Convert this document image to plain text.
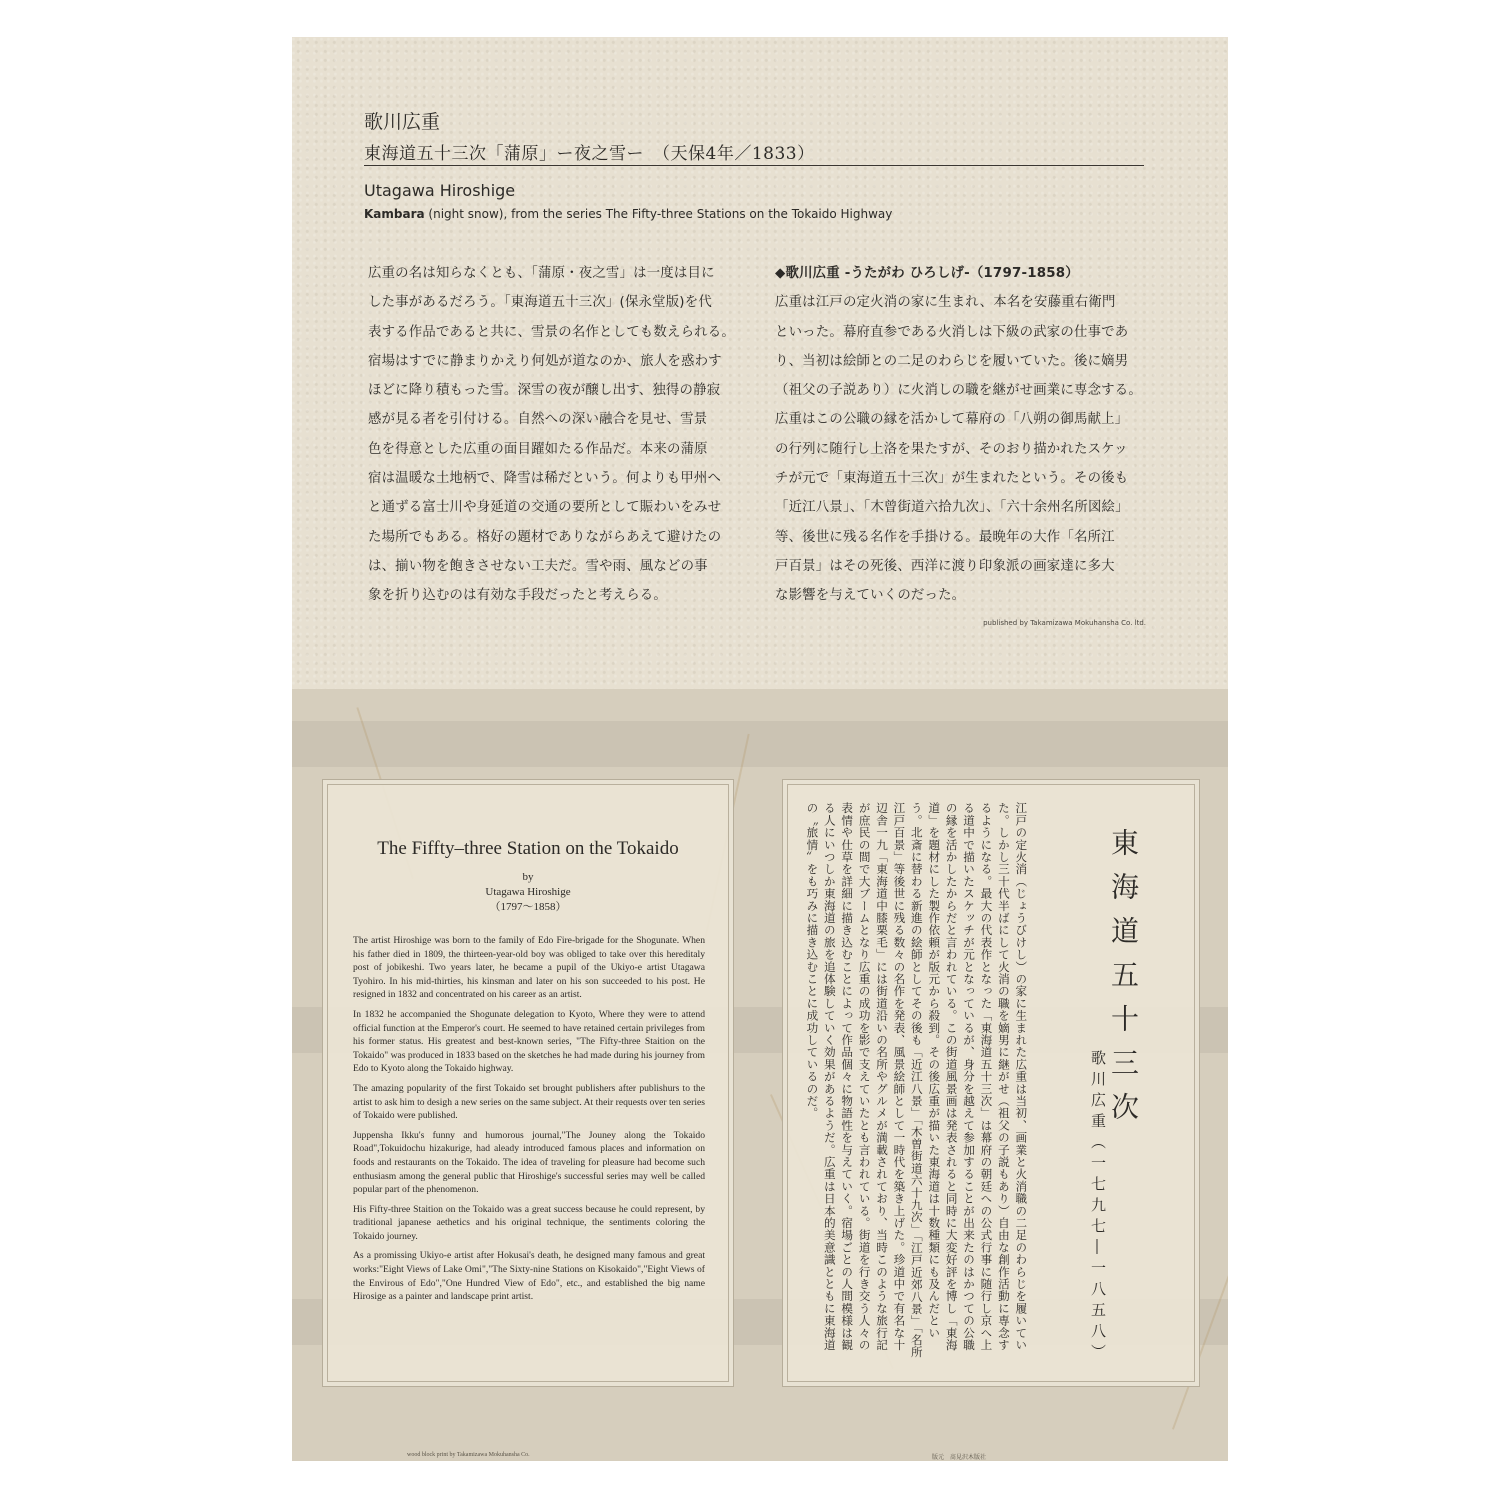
歌川広重
東海道五十三次「蒲原」ー夜之雪ー　（天保4年／1833）
Utagawa Hiroshige
Kambara (night snow), from the series The Fifty-three Stations on the Tokaido Highway
広重の名は知らなくとも、「蒲原・夜之雪」は一度は目に
した事があるだろう。「東海道五十三次」(保永堂版)を代
表する作品であると共に、雪景の名作としても数えられる。
宿場はすでに静まりかえり何処が道なのか、旅人を惑わす
ほどに降り積もった雪。深雪の夜が醸し出す、独得の静寂
感が見る者を引付ける。自然への深い融合を見せ、雪景
色を得意とした広重の面目躍如たる作品だ。本来の蒲原
宿は温暖な土地柄で、降雪は稀だという。何よりも甲州へ
と通ずる富士川や身延道の交通の要所として賑わいをみせ
た場所でもある。格好の題材でありながらあえて避けたの
は、揃い物を飽きさせない工夫だ。雪や雨、風などの事
象を折り込むのは有効な手段だったと考えらる。
◆歌川広重 -うたがわ ひろしげ-（1797-1858）
広重は江戸の定火消の家に生まれ、本名を安藤重右衛門
といった。幕府直参である火消しは下級の武家の仕事であ
り、当初は絵師との二足のわらじを履いていた。後に嫡男
（祖父の子説あり）に火消しの職を継がせ画業に専念する。
広重はこの公職の縁を活かして幕府の「八朔の御馬献上」
の行列に随行し上洛を果たすが、そのおり描かれたスケッ
チが元で「東海道五十三次」が生まれたという。その後も
「近江八景」、「木曾街道六拾九次」、「六十余州名所図絵」
等、後世に残る名作を手掛ける。最晩年の大作「名所江
戸百景」はその死後、西洋に渡り印象派の画家達に多大
な影響を与えていくのだった。
published by Takamizawa Mokuhansha Co. ltd.
The Fiffty–three Station on the Tokaido
by
Utagawa Hiroshige
（1797～1858）

The artist Hiroshige was born to the family of Edo Fire-brigade for the Shogunate. When his father died in 1809, the thirteen-year-old boy was obliged to take over this hereditaly post of jobikeshi. Two years later, he became a pupil of the Ukiyo-e artist Utagawa Tyohiro. In his mid-thirties, his kinsman and later on his son succeeded to his post. He resigned in 1832 and concentrated on his career as an artist.

In 1832 he accompanied the Shogunate delegation to Kyoto, Where they were to attend official function at the Emperor's court. He seemed to have retained certain privileges from his former status. His greatest and best-known series, "The Fifty-three Staition on the Tokaido" was produced in 1833 based on the sketches he had made during his journey from Edo to Kyoto along the Tokaido highway.

The amazing popularity of the first Tokaido set brought publishers after publishurs to the artist to ask him to desigh a new series on the same subject. At their requests over ten series of Tokaido were published.

Juppensha Ikku's funny and humorous journal,"The Jouney along the Tokaido Road",Tokuidochu hizakurige, had aleady introduced famous places and information on foods and restaurants on the Tokaido. The idea of traveling for pleasure had become such enthusiasm among the general public that Hiroshige's successful series may well be called popular part of the phenomenon.

His Fifty-three Staition on the Tokaido was a great success because he could represent, by traditional japanese aethetics and his original technique, the sentiments coloring the Tokaido journey.

As a promissing Ukiyo-e artist after Hokusai's death, he designed many famous and great works:"Eight Views of Lake Omi","The Sixty-nine Stations on Kisokaido","Eight Views of the Envirous of Edo","One Hundred View of Edo", etc., and established the big name Hirosige as a painter and landscape print artist.

東海道五十三次
歌川広重（一七九七―一八五八）
江戸の定火消（じょうびけし）の家に生まれた広重は当初、画業と火消職の二足のわらじを履いていた。しかし三十代半ばにして火消の職を嫡男に継がせ（祖父の子説もあり）自由な創作活動に専念するようになる。最大の代表作となった「東海道五十三次」は幕府の朝廷への公式行事に随行し京へ上る道中で描いたスケッチが元となっているが、身分を越えて参加することが出来たのはかつての公職の縁を活かしたからだと言われている。この街道風景画は発表されると同時に大変好評を博し「東海道」を題材にした製作依頼が版元から殺到。その後広重が描いた東海道は十数種類にも及んだという。北斎に替わる新進の絵師としてその後も「近江八景」「木曽街道六十九次」「江戸近郊八景」「名所江戸百景」等後世に残る数々の名作を発表、風景絵師として一時代を築き上げた。珍道中で有名な十辺舎一九「東海道中膝栗毛」には街道沿いの名所やグルメが満載されており、当時このような旅行記が庶民の間で大ブームとなり広重の成功を影で支えていたとも言われている。街道を行き交う人々の表情や仕草を詳細に描き込むことによって作品個々に物語性を与えていく。宿場ごとの人間模様は観る人にいつしか東海道の旅を追体験していく効果があるようだ。広重は日本的美意識とともに東海道の〝旅情〟をも巧みに描き込むことに成功しているのだ。
wood block print by Takamizawa Mokuhansha Co.	版元　髙見沢木版社
